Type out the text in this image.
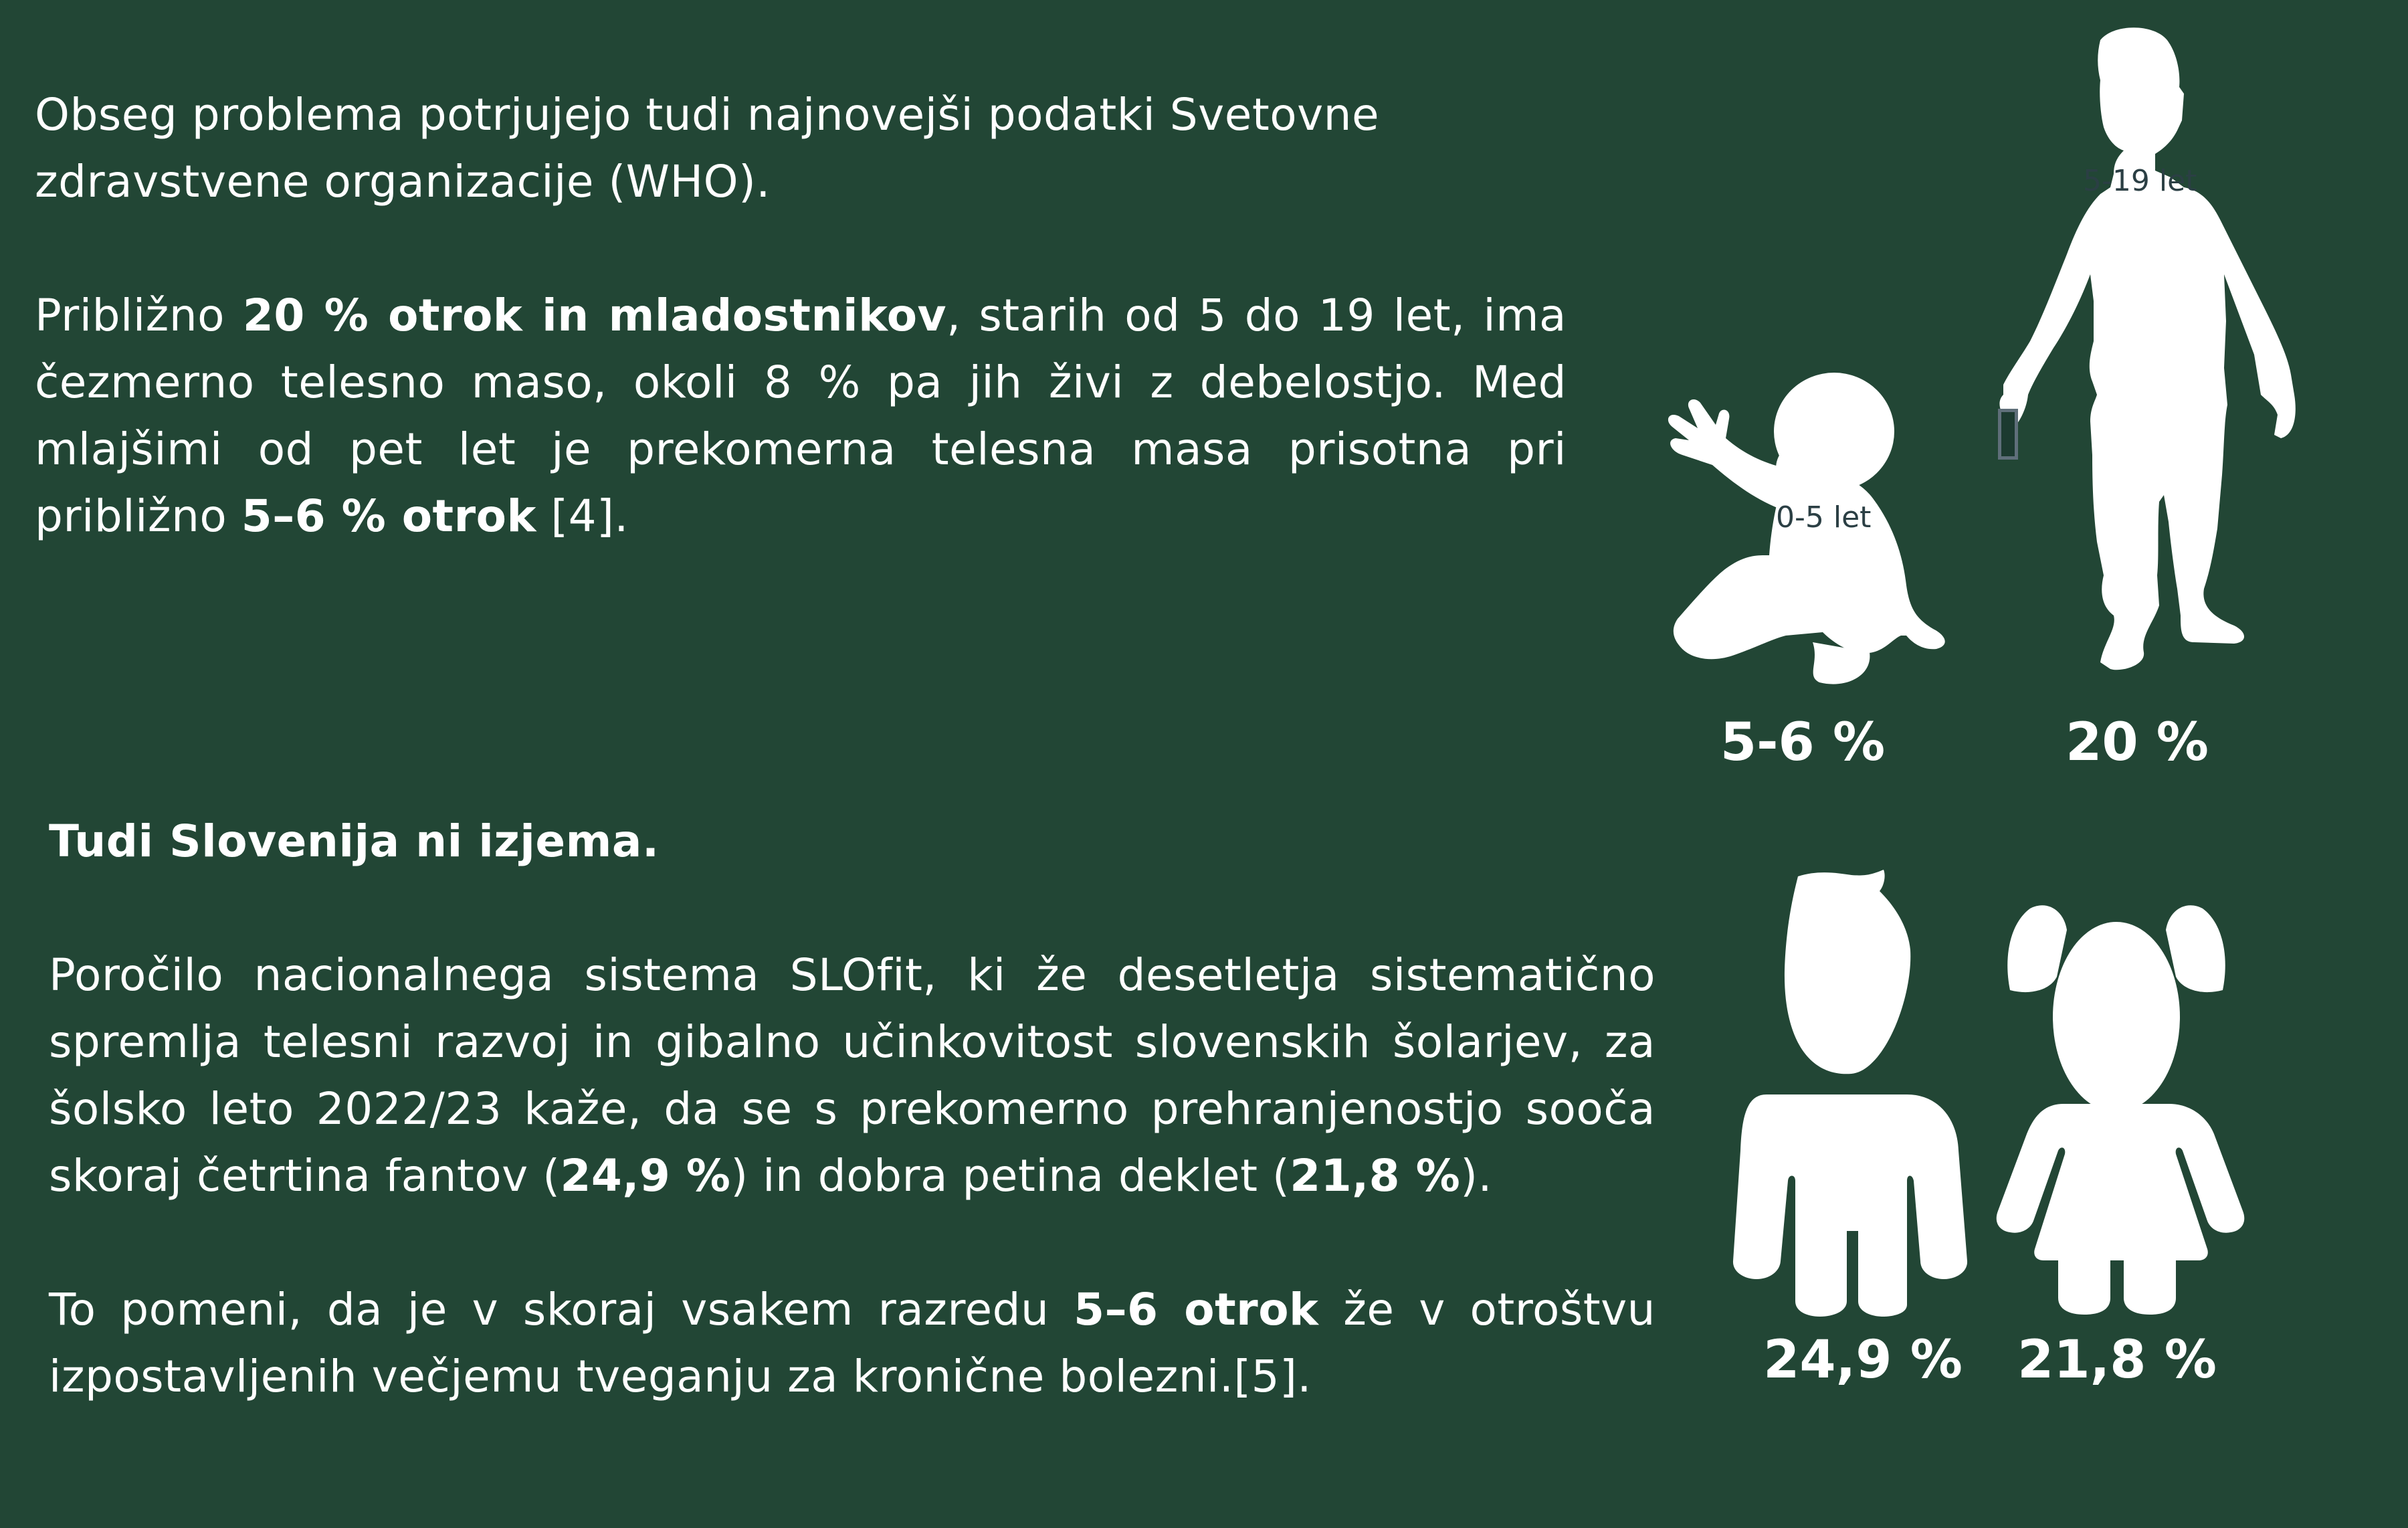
Obseg problema potrjujejo tudi najnovejši podatki Svetovne zdravstvene organizacije (WHO).
Približno 20 % otrok in mladostnikov, starih od 5 do 19 let, ima čezmerno telesno maso, okoli 8 % pa jih živi z debelostjo. Med mlajšimi od pet let je prekomerna telesna masa prisotna pri približno 5–6 % otrok [4].	0-5 let
5-6 %
5-19 let
20 %
Tudi Slovenija ni izjema.
Poročilo nacionalnega sistema SLOfit, ki že desetletja sistematično spremlja telesni razvoj in gibalno učinkovitost slovenskih šolarjev, za šolsko leto 2022/23 kaže, da se s prekomerno prehranjenostjo sooča skoraj četrtina fantov (24,9 %) in dobra petina deklet (21,8 %).
To pomeni, da je v skoraj vsakem razredu 5–6 otrok že v otroštvu izpostavljenih večjemu tveganju za kronične bolezni.[5].	24,9 % 21,8 %
